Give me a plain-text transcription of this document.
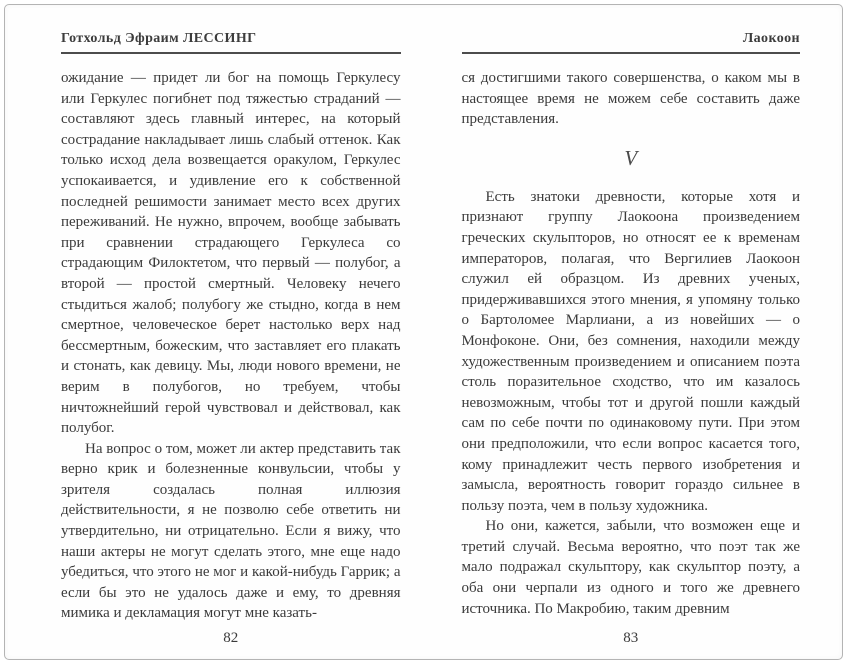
Готхольд Эфраим ЛЕССИНГ

ожидание — придет ли бог на помощь Геркулесу или Геркулес погибнет под тяжестью страданий — составляют здесь главный интерес, на который сострадание накладывает лишь слабый оттенок. Как только исход дела возвещается оракулом, Геркулес успокаивается, и удивление его к собственной последней решимости занимает место всех других переживаний. Не нужно, впрочем, вообще забывать при сравнении страдающего Геркулеса со страдающим Филоктетом, что первый — полубог, а второй — простой смертный. Человеку нечего стыдиться жалоб; полубогу же стыдно, когда в нем смертное, человеческое берет настолько верх над бессмертным, божеским, что заставляет его плакать и стонать, как девицу. Мы, люди нового времени, не верим в полубогов, но требуем, чтобы ничтожнейший герой чувствовал и действовал, как полубог.

На вопрос о том, может ли актер представить так верно крик и болезненные конвульсии, чтобы у зрителя создалась полная иллюзия действительности, я не позволю себе ответить ни утвердительно, ни отрицательно. Если я вижу, что наши актеры не могут сделать этого, мне еще надо убедиться, что этого не мог и какой-нибудь Гаррик; а если бы это не удалось даже и ему, то древняя мимика и декламация могут мне казать-

82
Лаокоон

ся достигшими такого совершенства, о каком мы в настоящее время не можем себе составить даже представления.

V

Есть знатоки древности, которые хотя и признают группу Лаокоона произведением греческих скульпторов, но относят ее к временам императоров, полагая, что Вергилиев Лаокоон служил ей образцом. Из древних ученых, придерживавшихся этого мнения, я упомяну только о Бартоломее Марлиани, а из новейших — о Монфоконе. Они, без сомнения, находили между художественным произведением и описанием поэта столь поразительное сходство, что им казалось невозможным, чтобы тот и другой пошли каждый сам по себе почти по одинаковому пути. При этом они предположили, что если вопрос касается того, кому принадлежит честь первого изобретения и замысла, вероятность говорит гораздо сильнее в пользу поэта, чем в пользу художника.

Но они, кажется, забыли, что возможен еще и третий случай. Весьма вероятно, что поэт так же мало подражал скульптору, как скульптор поэту, а оба они черпали из одного и того же древнего источника. По Макробию, таким древним

83
